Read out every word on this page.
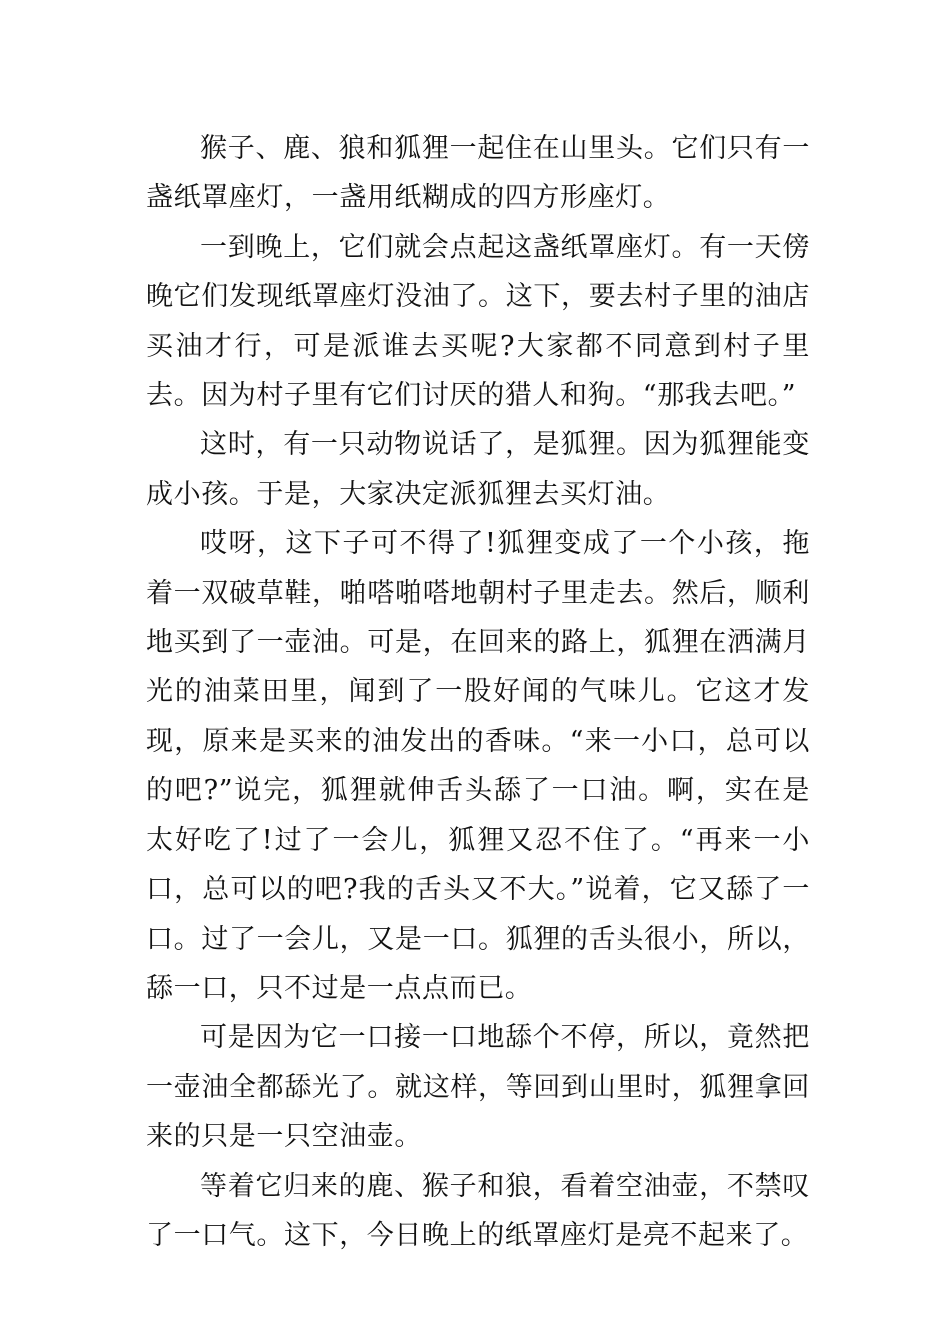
猴子、鹿、狼和狐狸一起住在山里头。它们只有一盏纸罩座灯，一盏用纸糊成的四方形座灯。

一到晚上，它们就会点起这盏纸罩座灯。有一天傍晚它们发现纸罩座灯没油了。这下，要去村子里的油店买油才行，可是派谁去买呢?大家都不同意到村子里去。因为村子里有它们讨厌的猎人和狗。“那我去吧。”

这时，有一只动物说话了，是狐狸。因为狐狸能变成小孩。于是，大家决定派狐狸去买灯油。

哎呀，这下子可不得了!狐狸变成了一个小孩，拖着一双破草鞋，啪嗒啪嗒地朝村子里走去。然后，顺利地买到了一壶油。可是，在回来的路上，狐狸在洒满月光的油菜田里，闻到了一股好闻的气味儿。它这才发现，原来是买来的油发出的香味。“来一小口，总可以的吧?”说完，狐狸就伸舌头舔了一口油。啊，实在是太好吃了!过了一会儿，狐狸又忍不住了。“再来一小口，总可以的吧?我的舌头又不大。”说着，它又舔了一口。过了一会儿，又是一口。狐狸的舌头很小，所以，舔一口，只不过是一点点而已。

可是因为它一口接一口地舔个不停，所以，竟然把一壶油全都舔光了。就这样，等回到山里时，狐狸拿回来的只是一只空油壶。

等着它归来的鹿、猴子和狼，看着空油壶，不禁叹了一口气。这下，今日晚上的纸罩座灯是亮不起来了。
